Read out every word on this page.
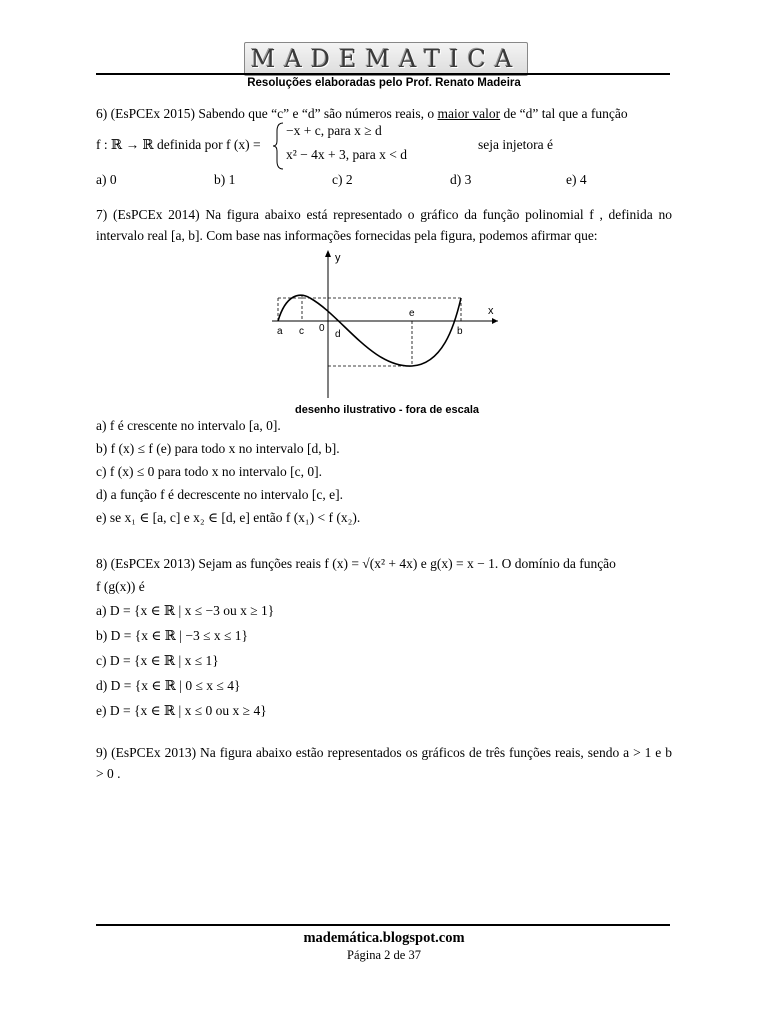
MADEMATICA
Resoluções elaboradas pelo Prof. Renato Madeira
6) (EsPCEx 2015) Sabendo que “c” e “d” são números reais, o maior valor de “d” tal que a função
f : ℝ → ℝ definida por f (x) =
−x + c, para x ≥ d
x² − 4x + 3, para x < d
seja injetora é
a) 0	b) 1	c) 2	d) 3	e) 4
7) (EsPCEx 2014) Na figura abaixo está representado o gráfico da função polinomial f , definida no intervalo real [a, b]. Com base nas informações fornecidas pela figura, podemos afirmar que:
y
x
a c 0
d
e
b
desenho ilustrativo - fora de escala
a) f é crescente no intervalo [a, 0].
b) f (x) ≤ f (e) para todo x no intervalo [d, b].
c) f (x) ≤ 0 para todo x no intervalo [c, 0].
d) a função f é decrescente no intervalo [c, e].
e) se x₁ ∈ [a, c] e x₂ ∈ [d, e] então f (x₁) < f (x₂).
8) (EsPCEx 2013) Sejam as funções reais f (x) = √(x² + 4x) e g(x) = x − 1. O domínio da função
f (g(x)) é
a) D = {x ∈ ℝ | x ≤ −3 ou x ≥ 1}
b) D = {x ∈ ℝ | −3 ≤ x ≤ 1}
c) D = {x ∈ ℝ | x ≤ 1}
d) D = {x ∈ ℝ | 0 ≤ x ≤ 4}
e) D = {x ∈ ℝ | x ≤ 0 ou x ≥ 4}
9) (EsPCEx 2013) Na figura abaixo estão representados os gráficos de três funções reais, sendo a > 1 e b > 0 .
mademática.blogspot.com
Página 2 de 37
